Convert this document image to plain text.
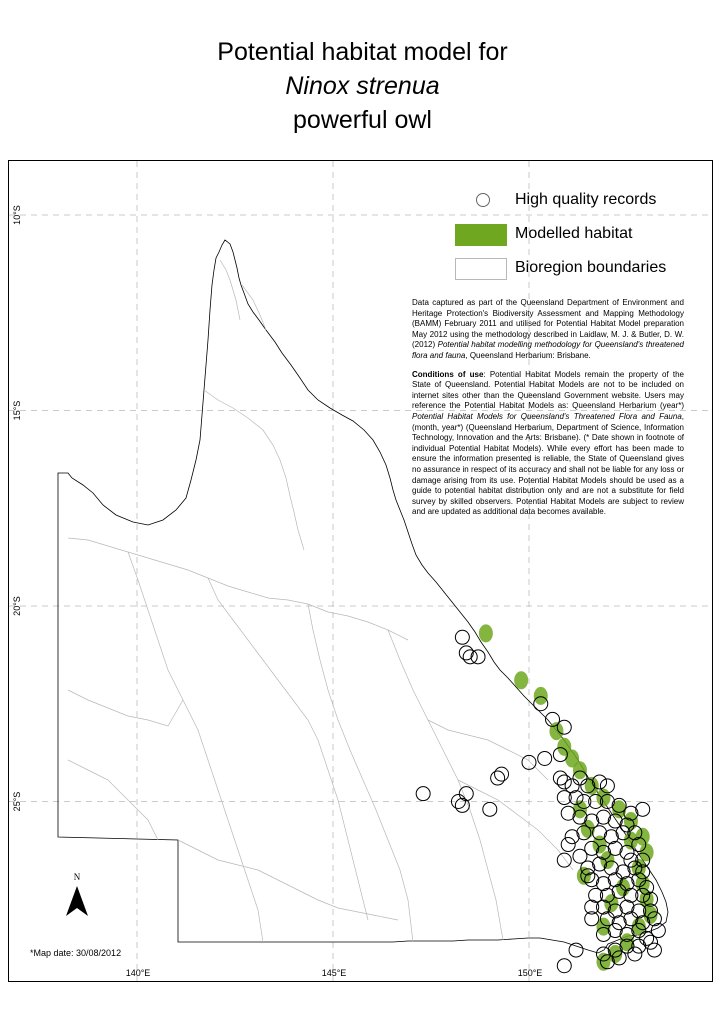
Potential habitat model for
Ninox strenua
powerful owl
10°S
15°S
20°S
25°S
140°E	145°E	150°E
High quality records
Modelled habitat
Bioregion boundaries

Data captured as part of the Queensland Department of Environment and Heritage Protection's Biodiversity Assessment and Mapping Methodology (BAMM) February 2011 and utilised for Potential Habitat Model preparation May 2012 using the methodology described in Laidlaw, M. J. & Butler, D. W. (2012) Potential habitat modelling methodology for Queensland's threatened flora and fauna, Queensland Herbarium: Brisbane.

Conditions of use: Potential Habitat Models remain the property of the State of Queensland. Potential Habitat Models are not to be included on internet sites other than the Queensland Government website. Users may reference the Potential Habitat Models as: Queensland Herbarium (year*) Potential Habitat Models for Queensland's Threatened Flora and Fauna, (month, year*) (Queensland Herbarium, Department of Science, Information Technology, Innovation and the Arts: Brisbane). (* Date shown in footnote of individual Potential Habitat Models). While every effort has been made to ensure the information presented is reliable, the State of Queensland gives no assurance in respect of its accuracy and shall not be liable for any loss or damage arising from its use. Potential Habitat Models should be used as a guide to potential habitat distribution only and are not a substitute for field survey by skilled observers. Potential Habitat Models are subject to review and are updated as additional data becomes available.

N
*Map date: 30/08/2012
